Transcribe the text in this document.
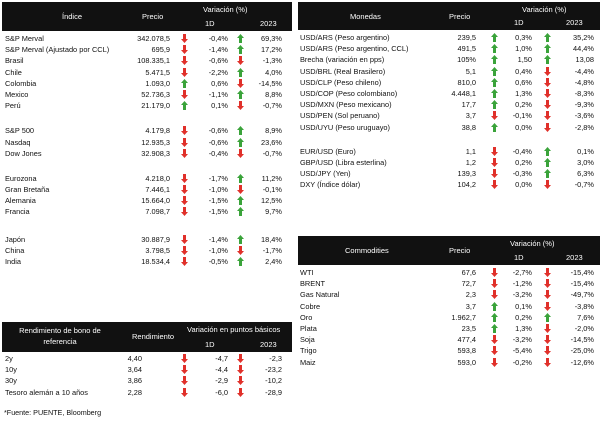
Índice	Precio
Variación (%)
1D	2023
S&P Merval	342.078,5	-0,4%	69,3%
S&P Merval (Ajustado por CCL)	695,9	-1,4%	17,2%
Brasil	108.335,1	-0,6%	-1,3%
Chile	5.471,5	-2,2%	4,0%
Colombia	1.093,0	0,6%	-14,5%
Mexico	52.736,3	-1,1%	8,8%
Perú	21.179,0	0,1%	-0,7%
S&P 500	4.179,8	-0,6%	8,9%
Nasdaq	12.935,3	-0,6%	23,6%
Dow Jones	32.908,3	-0,4%	-0,7%
Eurozona	4.218,0	-1,7%	11,2%
Gran Bretaña	7.446,1	-1,0%	-0,1%
Alemania	15.664,0	-1,5%	12,5%
Francia	7.098,7	-1,5%	9,7%
Japón	30.887,9	-1,4%	18,4%
China	3.798,5	-1,0%	-1,7%
India	18.534,4	-0,5%	2,4%
Rendimiento de bono de referencia
Rendimiento
Variación en puntos básicos
1D	2023
2y	4,40	-4,7	-2,3
10y	3,64	-4,4	-23,2
30y	3,86	-2,9	-10,2
Tesoro alemán a 10 años	2,28	-6,0	-28,9
*Fuente: PUENTE, Bloomberg
Monedas	Precio
Variación (%)
1D	2023
USD/ARS (Peso argentino)	239,5	0,3%	35,2%
USD/ARS (Peso argentino, CCL)	491,5	1,0%	44,4%
Brecha (variación en pps)	105%	1,50	13,08
USD/BRL (Real Brasilero)	5,1	0,4%	-4,4%
USD/CLP (Peso chileno)	810,0	0,6%	-4,8%
USD/COP (Peso colombiano)	4.448,1	1,3%	-8,3%
USD/MXN (Peso mexicano)	17,7	0,2%	-9,3%
USD/PEN (Sol peruano)	3,7	-0,1%	-3,6%
USD/UYU (Peso uruguayo)	38,8	0,0%	-2,8%
EUR/USD (Euro)	1,1	-0,4%	0,1%
GBP/USD (Libra esterlina)	1,2	0,2%	3,0%
USD/JPY (Yen)	139,3	-0,3%	6,3%
DXY (Índice dólar)	104,2	0,0%	-0,7%
Commodities	Precio
Variación (%)
1D	2023
WTI	67,6	-2,7%	-15,4%
BRENT	72,7	-1,2%	-15,4%
Gas Natural	2,3	-3,2%	-49,7%
Cobre	3,7	0,1%	-3,8%
Oro	1.962,7	0,2%	7,6%
Plata	23,5	1,3%	-2,0%
Soja	477,4	-3,2%	-14,5%
Trigo	593,8	-5,4%	-25,0%
Maiz	593,0	-0,2%	-12,6%
